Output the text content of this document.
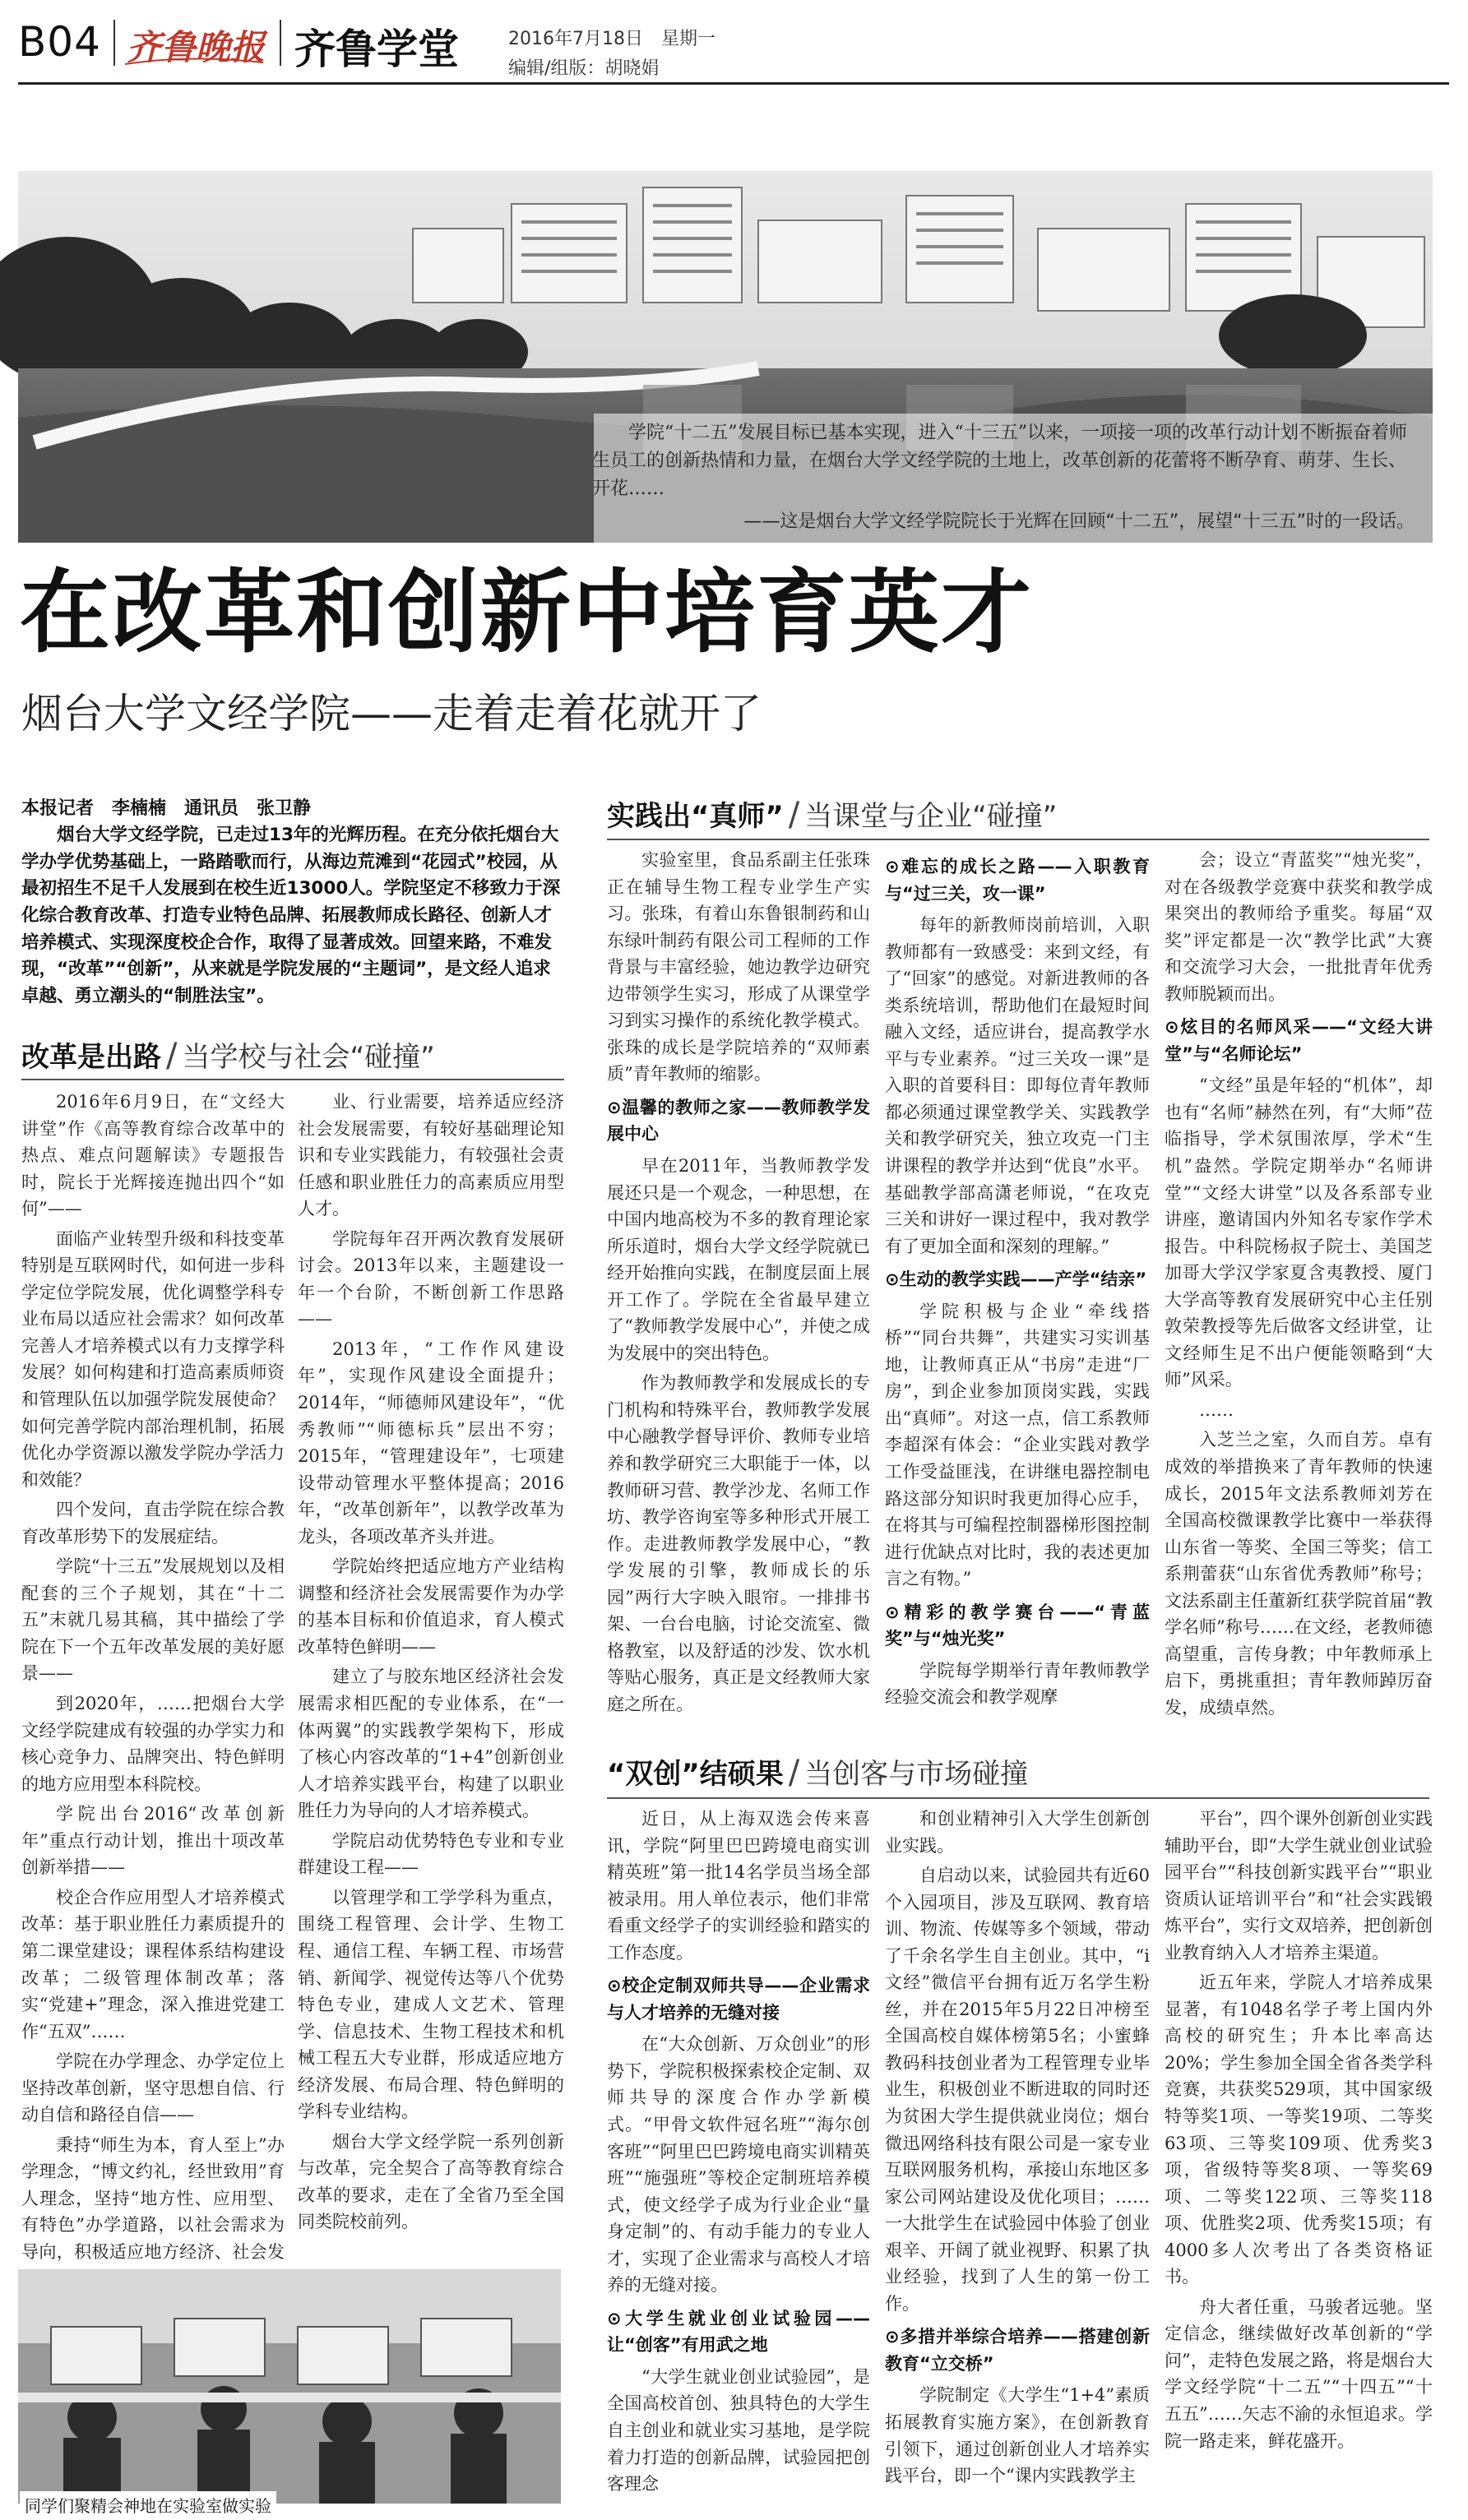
B04 齐鲁晚报 齐鲁学堂	2016年7月18日　星期一
编辑/组版：胡晓娟

学院“十二五”发展目标已基本实现，进入“十三五”以来，一项接一项的改革行动计划不断振奋着师生员工的创新热情和力量，在烟台大学文经学院的土地上，改革创新的花蕾将不断孕育、萌芽、生长、开花……

——这是烟台大学文经学院院长于光辉在回顾“十二五”，展望“十三五”时的一段话。

在改革和创新中培育英才
烟台大学文经学院——走着走着花就开了
本报记者　李楠楠　通讯员　张卫静

烟台大学文经学院，已走过13年的光辉历程。在充分依托烟台大学办学优势基础上，一路踏歌而行，从海边荒滩到“花园式”校园，从最初招生不足千人发展到在校生近13000人。学院坚定不移致力于深化综合教育改革、打造专业特色品牌、拓展教师成长路径、创新人才培养模式、实现深度校企合作，取得了显著成效。回望来路，不难发现，“改革”“创新”，从来就是学院发展的“主题词”，是文经人追求卓越、勇立潮头的“制胜法宝”。

改革是出路 / 当学校与社会“碰撞”

2016年6月9日，在“文经大讲堂”作《高等教育综合改革中的热点、难点问题解读》专题报告时，院长于光辉接连抛出四个“如何”——

面临产业转型升级和科技变革特别是互联网时代，如何进一步科学定位学院发展，优化调整学科专业布局以适应社会需求？如何改革完善人才培养模式以有力支撑学科发展？如何构建和打造高素质师资和管理队伍以加强学院发展使命？如何完善学院内部治理机制，拓展优化办学资源以激发学院办学活力和效能？

四个发问，直击学院在综合教育改革形势下的发展症结。

学院“十三五”发展规划以及相配套的三个子规划，其在“十二五”末就几易其稿，其中描绘了学院在下一个五年改革发展的美好愿景——

到2020年，……把烟台大学文经学院建成有较强的办学实力和核心竞争力、品牌突出、特色鲜明的地方应用型本科院校。

学院出台2016“改革创新年”重点行动计划，推出十项改革创新举措——

校企合作应用型人才培养模式改革：基于职业胜任力素质提升的第二课堂建设；课程体系结构建设改革；二级管理体制改革；落实“党建+”理念，深入推进党建工作“五双”……

学院在办学理念、办学定位上坚持改革创新，坚守思想自信、行动自信和路径自信——

秉持“师生为本，育人至上”办学理念，“博文约礼，经世致用”育人理念，坚持“地方性、应用型、有特色”办学道路，以社会需求为导向，积极适应地方经济、社会发

业、行业需要，培养适应经济社会发展需要，有较好基础理论知识和专业实践能力，有较强社会责任感和职业胜任力的高素质应用型人才。

学院每年召开两次教育发展研讨会。2013年以来，主题建设一年一个台阶，不断创新工作思路——

2013年，“工作作风建设年”，实现作风建设全面提升；2014年，“师德师风建设年”，“优秀教师”“师德标兵”层出不穷；2015年，“管理建设年”，七项建设带动管理水平整体提高；2016年，“改革创新年”，以教学改革为龙头，各项改革齐头并进。

学院始终把适应地方产业结构调整和经济社会发展需要作为办学的基本目标和价值追求，育人模式改革特色鲜明——

建立了与胶东地区经济社会发展需求相匹配的专业体系，在“一体两翼”的实践教学架构下，形成了核心内容改革的“1+4”创新创业人才培养实践平台，构建了以职业胜任力为导向的人才培养模式。

学院启动优势特色专业和专业群建设工程——

以管理学和工学学科为重点，围绕工程管理、会计学、生物工程、通信工程、车辆工程、市场营销、新闻学、视觉传达等八个优势特色专业，建成人文艺术、管理学、信息技术、生物工程技术和机械工程五大专业群，形成适应地方经济发展、布局合理、特色鲜明的学科专业结构。

烟台大学文经学院一系列创新与改革，完全契合了高等教育综合改革的要求，走在了全省乃至全国同类院校前列。

同学们聚精会神地在实验室做实验
实践出“真师” / 当课堂与企业“碰撞”

实验室里，食品系副主任张珠正在辅导生物工程专业学生产实习。张珠，有着山东鲁银制药和山东绿叶制药有限公司工程师的工作背景与丰富经验，她边教学边研究边带领学生实习，形成了从课堂学习到实习操作的系统化教学模式。张珠的成长是学院培养的“双师素质”青年教师的缩影。

⊙温馨的教师之家——教师教学发展中心

早在2011年，当教师教学发展还只是一个观念，一种思想，在中国内地高校为不多的教育理论家所乐道时，烟台大学文经学院就已经开始推向实践，在制度层面上展开工作了。学院在全省最早建立了“教师教学发展中心”，并使之成为发展中的突出特色。

作为教师教学和发展成长的专门机构和特殊平台，教师教学发展中心融教学督导评价、教师专业培养和教学研究三大职能于一体，以教师研习营、教学沙龙、名师工作坊、教学咨询室等多种形式开展工作。走进教师教学发展中心，“教学发展的引擎，教师成长的乐园”两行大字映入眼帘。一排排书架、一台台电脑，讨论交流室、微格教室，以及舒适的沙发、饮水机等贴心服务，真正是文经教师大家庭之所在。

⊙难忘的成长之路——入职教育与“过三关，攻一课”

每年的新教师岗前培训，入职教师都有一致感受：来到文经，有了“回家”的感觉。对新进教师的各类系统培训，帮助他们在最短时间融入文经，适应讲台，提高教学水平与专业素养。“过三关攻一课”是入职的首要科目：即每位青年教师都必须通过课堂教学关、实践教学关和教学研究关，独立攻克一门主讲课程的教学并达到“优良”水平。基础教学部高潇老师说，“在攻克三关和讲好一课过程中，我对教学有了更加全面和深刻的理解。”

⊙生动的教学实践——产学“结亲”

学院积极与企业“牵线搭桥”“同台共舞”，共建实习实训基地，让教师真正从“书房”走进“厂房”，到企业参加顶岗实践，实践出“真师”。对这一点，信工系教师李超深有体会：“企业实践对教学工作受益匪浅，在讲继电器控制电路这部分知识时我更加得心应手，在将其与可编程控制器梯形图控制进行优缺点对比时，我的表述更加言之有物。”

⊙精彩的教学赛台——“青蓝奖”与“烛光奖”

学院每学期举行青年教师教学经验交流会和教学观摩

会；设立“青蓝奖”“烛光奖”，对在各级教学竞赛中获奖和教学成果突出的教师给予重奖。每届“双奖”评定都是一次“教学比武”大赛和交流学习大会，一批批青年优秀教师脱颖而出。

⊙炫目的名师风采——“文经大讲堂”与“名师论坛”

“文经”虽是年轻的“机体”，却也有“名师”赫然在列，有“大师”莅临指导，学术氛围浓厚，学术“生机”盎然。学院定期举办“名师讲堂”“文经大讲堂”以及各系部专业讲座，邀请国内外知名专家作学术报告。中科院杨叔子院士、美国芝加哥大学汉学家夏含夷教授、厦门大学高等教育发展研究中心主任别敦荣教授等先后做客文经讲堂，让文经师生足不出户便能领略到“大师”风采。

……

入芝兰之室，久而自芳。卓有成效的举措换来了青年教师的快速成长，2015年文法系教师刘芳在全国高校微课教学比赛中一举获得山东省一等奖、全国三等奖；信工系荆蕾获“山东省优秀教师”称号；文法系副主任董新红获学院首届“教学名师”称号……在文经，老教师德高望重，言传身教；中年教师承上启下，勇挑重担；青年教师踔厉奋发，成绩卓然。

“双创”结硕果 / 当创客与市场碰撞

近日，从上海双选会传来喜讯，学院“阿里巴巴跨境电商实训精英班”第一批14名学员当场全部被录用。用人单位表示，他们非常看重文经学子的实训经验和踏实的工作态度。

⊙校企定制双师共导——企业需求与人才培养的无缝对接

在“大众创新、万众创业”的形势下，学院积极探索校企定制、双师共导的深度合作办学新模式。“甲骨文软件冠名班”“海尔创客班”“阿里巴巴跨境电商实训精英班”“施强班”等校企定制班培养模式，使文经学子成为行业企业“量身定制”的、有动手能力的专业人才，实现了企业需求与高校人才培养的无缝对接。

⊙大学生就业创业试验园——让“创客”有用武之地

“大学生就业创业试验园”，是全国高校首创、独具特色的大学生自主创业和就业实习基地，是学院着力打造的创新品牌，试验园把创客理念

和创业精神引入大学生创新创业实践。

自启动以来，试验园共有近60个入园项目，涉及互联网、教育培训、物流、传媒等多个领域，带动了千余名学生自主创业。其中，“i文经”微信平台拥有近万名学生粉丝，并在2015年5月22日冲榜至全国高校自媒体榜第5名；小蜜蜂教码科技创业者为工程管理专业毕业生，积极创业不断进取的同时还为贫困大学生提供就业岗位；烟台微迅网络科技有限公司是一家专业互联网服务机构，承接山东地区多家公司网站建设及优化项目；……一大批学生在试验园中体验了创业艰辛、开阔了就业视野、积累了执业经验，找到了人生的第一份工作。

⊙多措并举综合培养——搭建创新教育“立交桥”

学院制定《大学生“1+4”素质拓展教育实施方案》，在创新教育引领下，通过创新创业人才培养实践平台，即一个“课内实践教学主

平台”，四个课外创新创业实践辅助平台，即“大学生就业创业试验园平台”“科技创新实践平台”“职业资质认证培训平台”和“社会实践锻炼平台”，实行文双培养，把创新创业教育纳入人才培养主渠道。

近五年来，学院人才培养成果显著，有1048名学子考上国内外高校的研究生；升本比率高达20%；学生参加全国全省各类学科竞赛，共获奖529项，其中国家级特等奖1项、一等奖19项、二等奖63项、三等奖109项、优秀奖3项，省级特等奖8项、一等奖69项、二等奖122项、三等奖118项、优胜奖2项、优秀奖15项；有4000多人次考出了各类资格证书。

舟大者任重，马骏者远驰。坚定信念，继续做好改革创新的“学问”，走特色发展之路，将是烟台大学文经学院“十二五”“十四五”“十五五”……矢志不渝的永恒追求。学院一路走来，鲜花盛开。
